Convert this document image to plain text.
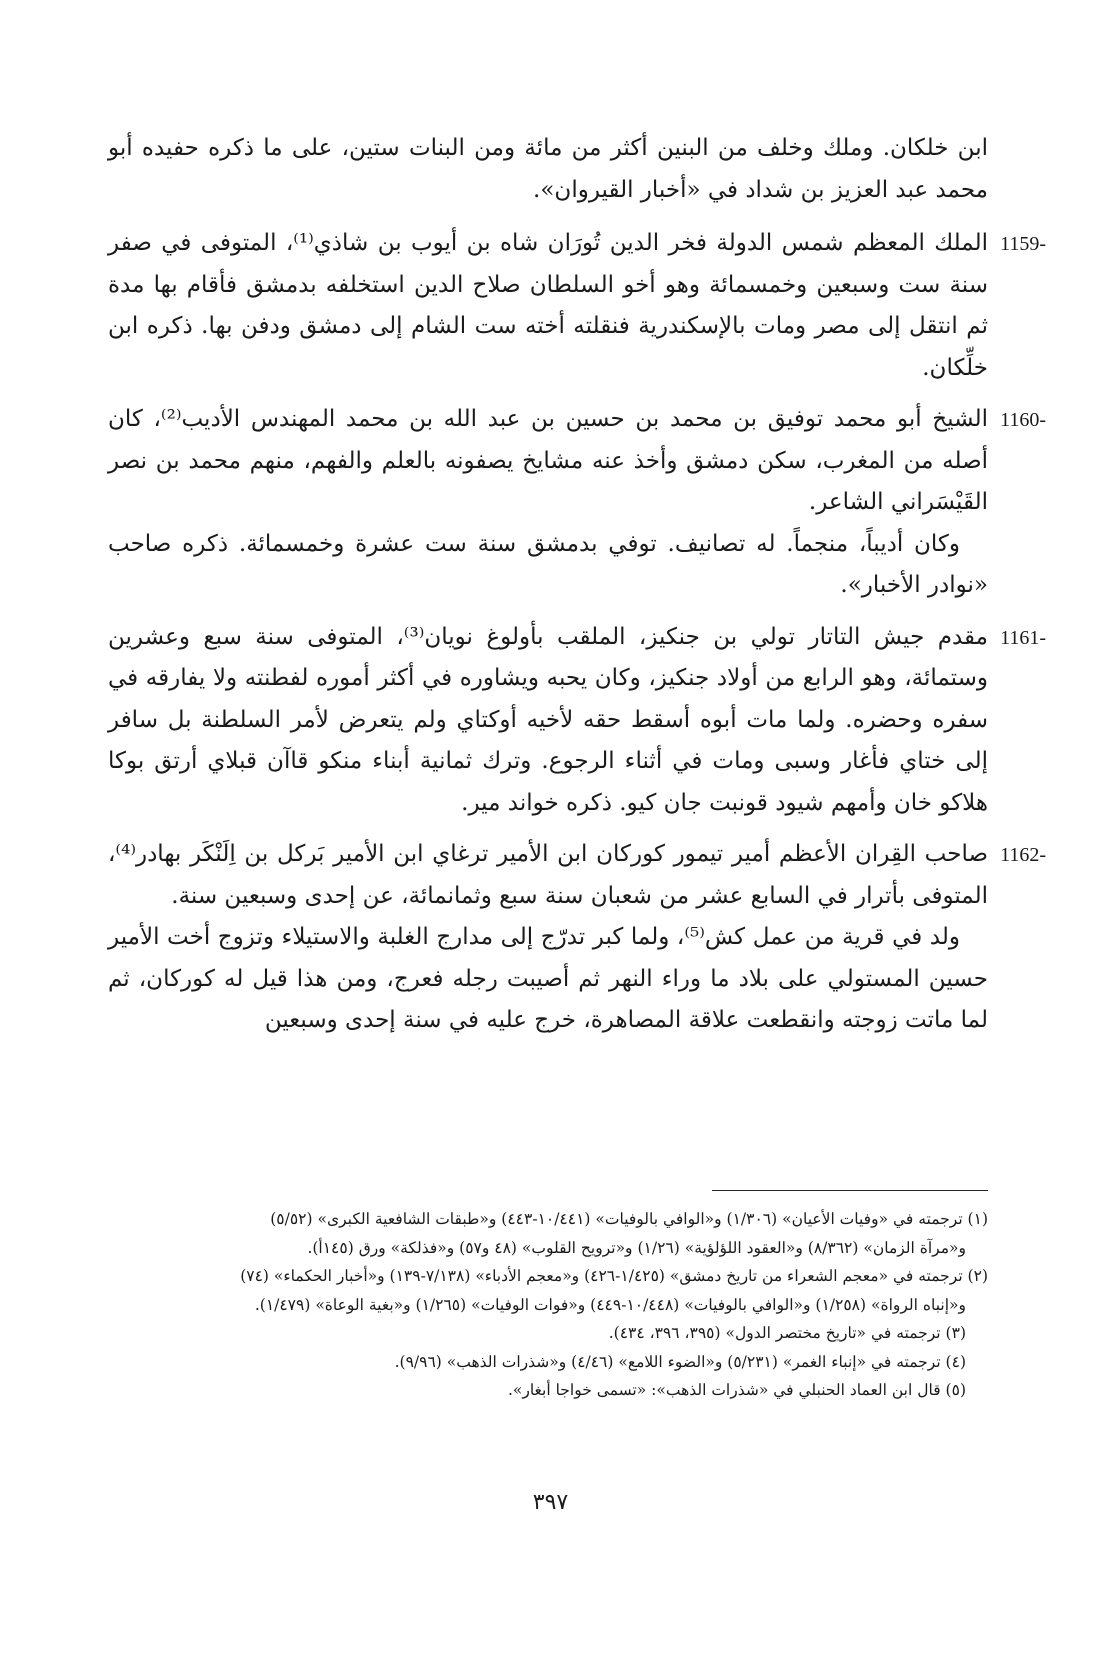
ابن خلكان. وملك وخلف من البنين أكثر من مائة ومن البنات ستين، على ما ذكره حفيده أبو محمد عبد العزيز بن شداد في «أخبار القيروان».

1159-

الملك المعظم شمس الدولة فخر الدين تُورَان شاه بن أيوب بن شاذي⁽¹⁾، المتوفى في صفر سنة ست وسبعين وخمسمائة وهو أخو السلطان صلاح الدين استخلفه بدمشق فأقام بها مدة ثم انتقل إلى مصر ومات بالإسكندرية فنقلته أخته ست الشام إلى دمشق ودفن بها. ذكره ابن خلِّكان.

1160-

الشيخ أبو محمد توفيق بن محمد بن حسين بن عبد الله بن محمد المهندس الأديب⁽²⁾، كان أصله من المغرب، سكن دمشق وأخذ عنه مشايخ يصفونه بالعلم والفهم، منهم محمد بن نصر القَيْسَراني الشاعر.

وكان أديباً، منجماً. له تصانيف. توفي بدمشق سنة ست عشرة وخمسمائة. ذكره صاحب «نوادر الأخبار».

1161-

مقدم جيش التاتار تولي بن جنكيز، الملقب بأولوغ نويان⁽³⁾، المتوفى سنة سبع وعشرين وستمائة، وهو الرابع من أولاد جنكيز، وكان يحبه ويشاوره في أكثر أموره لفطنته ولا يفارقه في سفره وحضره. ولما مات أبوه أسقط حقه لأخيه أوكتاي ولم يتعرض لأمر السلطنة بل سافر إلى ختاي فأغار وسبى ومات في أثناء الرجوع. وترك ثمانية أبناء منكو قاآن قبلاي أرتق بوكا هلاكو خان وأمهم شيود قونبت جان كيو. ذكره خواند مير.

1162-

صاحب القِران الأعظم أمير تيمور كوركان ابن الأمير ترغاي ابن الأمير بَركل بن اِلَنْكَر بهادر⁽⁴⁾، المتوفى بأترار في السابع عشر من شعبان سنة سبع وثمانمائة، عن إحدى وسبعين سنة.

ولد في قرية من عمل كش⁽⁵⁾، ولما كبر تدرّج إلى مدارج الغلبة والاستيلاء وتزوج أخت الأمير حسين المستولي على بلاد ما وراء النهر ثم أصيبت رجله فعرج، ومن هذا قيل له كوركان، ثم لما ماتت زوجته وانقطعت علاقة المصاهرة، خرج عليه في سنة إحدى وسبعين

(١) ترجمته في «وفيات الأعيان» (١/٣٠٦) و«الوافي بالوفيات» (١٠/٤٤١-٤٤٣) و«طبقات الشافعية الكبرى» (٥/٥٢)

و«مرآة الزمان» (٨/٣٦٢) و«العقود اللؤلؤية» (١/٢٦) و«ترويح القلوب» (٤٨ و٥٧) و«فذلكة» ورق (١٤٥أ).

(٢) ترجمته في «معجم الشعراء من تاريخ دمشق» (١/٤٢٥-٤٢٦) و«معجم الأدباء» (٧/١٣٨-١٣٩) و«أخبار الحكماء» (٧٤)

و«إنباه الرواة» (١/٢٥٨) و«الوافي بالوفيات» (١٠/٤٤٨-٤٤٩) و«فوات الوفيات» (١/٢٦٥) و«بغية الوعاة» (١/٤٧٩).

(٣) ترجمته في «تاريخ مختصر الدول» (٣٩٥، ٣٩٦، ٤٣٤).

(٤) ترجمته في «إنباء الغمر» (٥/٢٣١) و«الضوء اللامع» (٤/٤٦) و«شذرات الذهب» (٩/٩٦).

(٥) قال ابن العماد الحنبلي في «شذرات الذهب»: «تسمى خواجا أبغار».

٣٩٧
